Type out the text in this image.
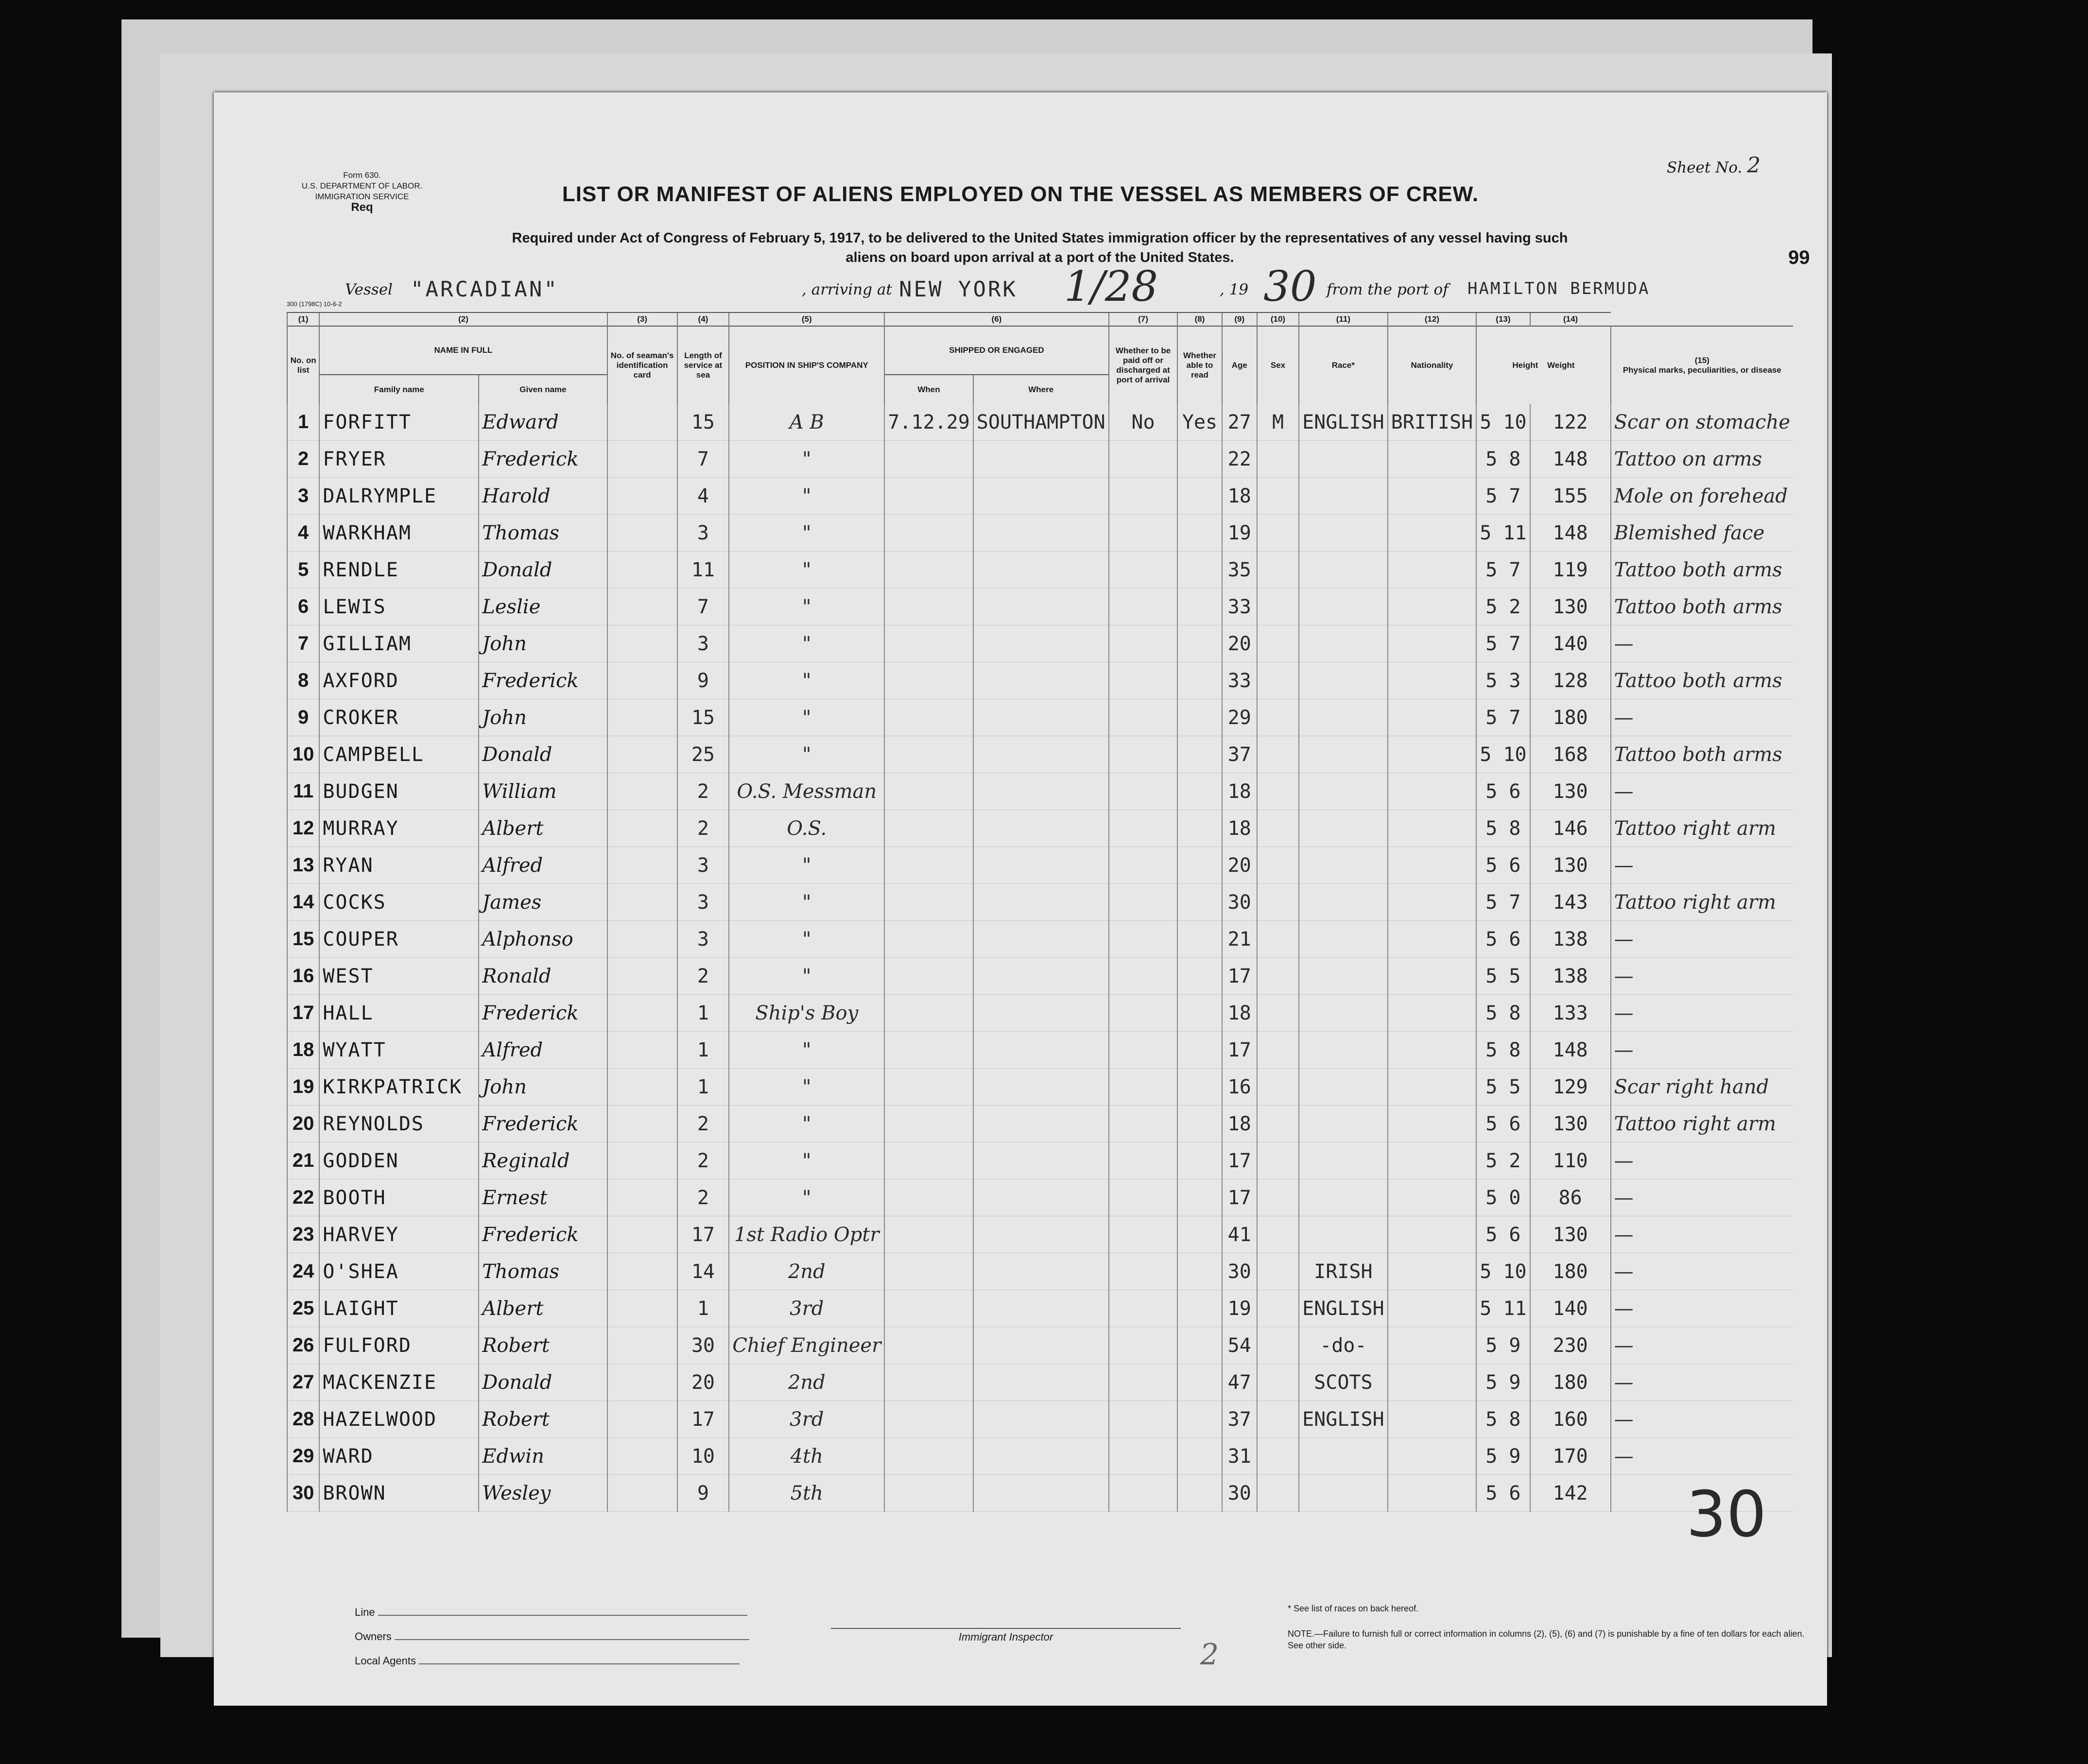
Form 630.
U.S. DEPARTMENT OF LABOR.
IMMIGRATION SERVICE
Req
Sheet No. 2
LIST OR MANIFEST OF ALIENS EMPLOYED ON THE VESSEL AS MEMBERS OF CREW.
Required under Act of Congress of February 5, 1917, to be delivered to the United States immigration officer by the representatives of any vessel having such
aliens on board upon arrival at a port of the United States.	99
Vessel "ARCADIAN"	, arriving at NEW YORK 1/28	, 19 30 from the port of HAMILTON BERMUDA
300 (1798C) 10-6-2
(1)	(2)		(3)	(4)	(5)	(6)		(7)	(8)	(9)	(10)	(11)	(12)	(13)	(14)	
No. on list	NAME IN FULL		No. of seaman's identification card	Length of service at sea	POSITION IN SHIP'S COMPANY	SHIPPED OR ENGAGED		Whether to be paid off or discharged at port of arrival	Whether able to read	Age	Sex	Race*	Nationality	Height Weight		(15)
Physical marks, peculiarities, or disease

	Family name	Given name				When	Where									
1	FORFITT	Edward		15	A B	7.12.29	SOUTHAMPTON	No	Yes	27	M	ENGLISH	BRITISH	5 10	122	Scar on stomache
2	FRYER	Frederick		7	"					22				5 8	148	Tattoo on arms
3	DALRYMPLE	Harold		4	"					18				5 7	155	Mole on forehead
4	WARKHAM	Thomas		3	"					19				5 11	148	Blemished face
5	RENDLE	Donald		11	"					35				5 7	119	Tattoo both arms
6	LEWIS	Leslie		7	"					33				5 2	130	Tattoo both arms
7	GILLIAM	John		3	"					20				5 7	140	—
8	AXFORD	Frederick		9	"					33				5 3	128	Tattoo both arms
9	CROKER	John		15	"					29				5 7	180	—
10	CAMPBELL	Donald		25	"					37				5 10	168	Tattoo both arms
11	BUDGEN	William		2	O.S. Messman					18				5 6	130	—
12	MURRAY	Albert		2	O.S.					18				5 8	146	Tattoo right arm
13	RYAN	Alfred		3	"					20				5 6	130	—
14	COCKS	James		3	"					30				5 7	143	Tattoo right arm
15	COUPER	Alphonso		3	"					21				5 6	138	—
16	WEST	Ronald		2	"					17				5 5	138	—
17	HALL	Frederick		1	Ship's Boy					18				5 8	133	—
18	WYATT	Alfred		1	"					17				5 8	148	—
19	KIRKPATRICK	John		1	"					16				5 5	129	Scar right hand
20	REYNOLDS	Frederick		2	"					18				5 6	130	Tattoo right arm
21	GODDEN	Reginald		2	"					17				5 2	110	—
22	BOOTH	Ernest		2	"					17				5 0	86	—
23	HARVEY	Frederick		17	1st Radio Optr					41				5 6	130	—
24	O'SHEA	Thomas		14	2nd					30		IRISH		5 10	180	—
25	LAIGHT	Albert		1	3rd					19		ENGLISH		5 11	140	—
26	FULFORD	Robert		30	Chief Engineer					54		-do-		5 9	230	—
27	MACKENZIE	Donald		20	2nd					47		SCOTS		5 9	180	—
28	HAZELWOOD	Robert		17	3rd					37		ENGLISH		5 8	160	—
29	WARD	Edwin		10	4th					31				5 9	170	—
30	BROWN	Wesley		9	5th					30				5 6	142	30
Line
Owners
Local Agents
Immigrant Inspector
* See list of races on back hereof.
NOTE.—Failure to furnish full or correct information in columns (2), (5), (6) and (7) is punishable by a fine of ten dollars for each alien. See other side.
2
